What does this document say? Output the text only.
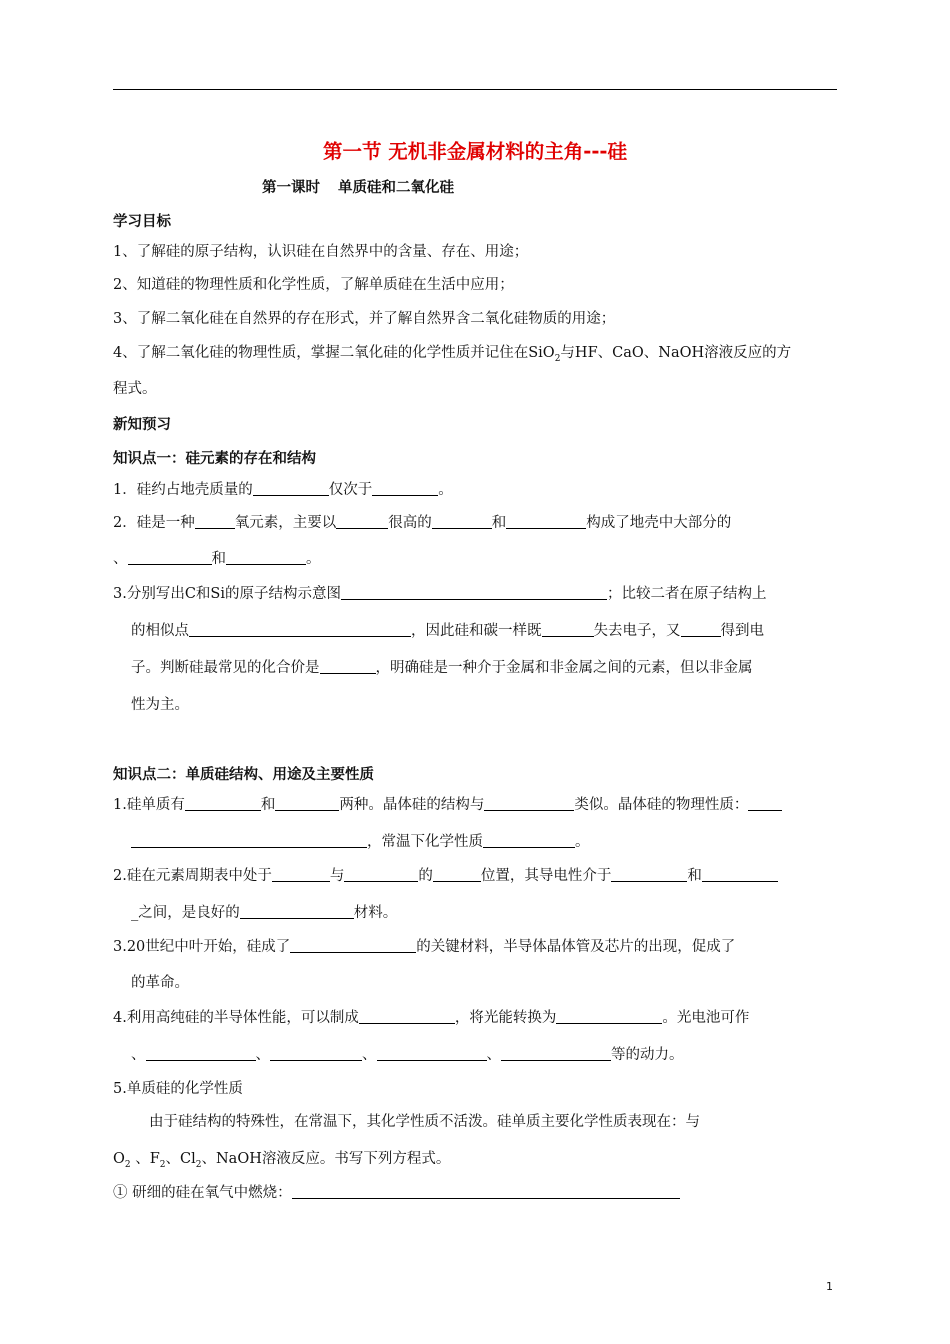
第一节 无机非金属材料的主角---硅
第一课时 单质硅和二氧化硅
学习目标
1、了解硅的原子结构，认识硅在自然界中的含量、存在、用途；
2、知道硅的物理性质和化学性质，了解单质硅在生活中应用；
3、了解二氧化硅在自然界的存在形式，并了解自然界含二氧化硅物质的用途；
4、了解二氧化硅的物理性质，掌握二氧化硅的化学性质并记住在SiO$_2$与HF、CaO、NaOH溶液反应的方
程式。
新知预习
知识点一：硅元素的存在和结构
1．硅约占地壳质量的	仅次于	。
2．硅是一种	氧元素，主要以	很高的	和	构成了地壳中大部分的
、	和	。
3.分别写出C和Si的原子结构示意图	；比较二者在原子结构上
的相似点	，因此硅和碳一样既	失去电子，又	得到电
子。判断硅最常见的化合价是	，明确硅是一种介于金属和非金属之间的元素，但以非金属
性为主。
知识点二：单质硅结构、用途及主要性质
1.硅单质有	和	两种。晶体硅的结构与	类似。晶体硅的物理性质：
，常温下化学性质	。
2.硅在元素周期表中处于	与	的	位置，其导电性介于	和
_之间，是良好的	材料。
3.20世纪中叶开始，硅成了	的关键材料，半导体晶体管及芯片的出现，促成了
的革命。
4.利用高纯硅的半导体性能，可以制成	，将光能转换为	。光电池可作
、	、	、	、	等的动力。
5.单质硅的化学性质
由于硅结构的特殊性，在常温下，其化学性质不活泼。硅单质主要化学性质表现在：与
$O_2$ 、$F_2$、$Cl_2$、NaOH溶液反应。书写下列方程式。
① 研细的硅在氧气中燃烧：
1
